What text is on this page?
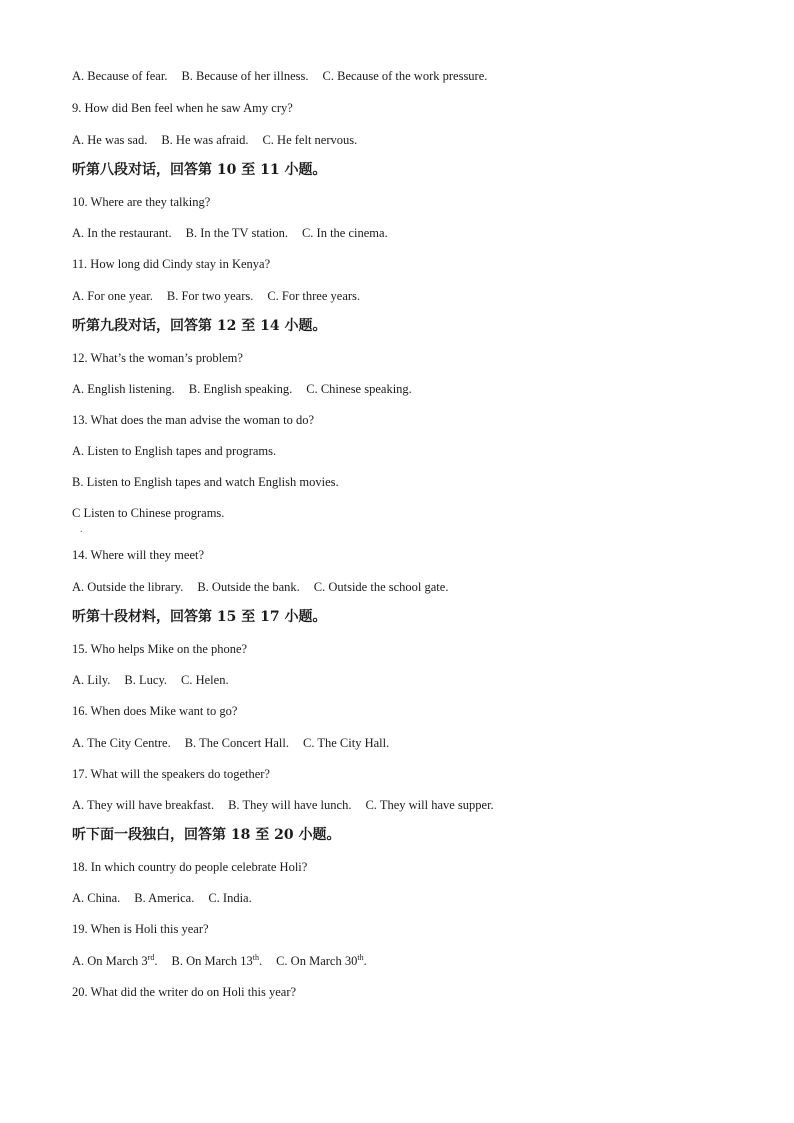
A. Because of fear. B. Because of her illness. C. Because of the work pressure.
9. How did Ben feel when he saw Amy cry?
A. He was sad. B. He was afraid. C. He felt nervous.
听第八段对话，回答第 10 至 11 小题。
10. Where are they talking?
A. In the restaurant. B. In the TV station. C. In the cinema.
11. How long did Cindy stay in Kenya?
A. For one year. B. For two years. C. For three years.
听第九段对话，回答第 12 至 14 小题。
12. What’s the woman’s problem?
A. English listening. B. English speaking. C. Chinese speaking.
13. What does the man advise the woman to do?
A. Listen to English tapes and programs.
B. Listen to English tapes and watch English movies.
C Listen to Chinese programs.
14. Where will they meet?
A. Outside the library. B. Outside the bank. C. Outside the school gate.
听第十段材料，回答第 15 至 17 小题。
15. Who helps Mike on the phone?
A. Lily. B. Lucy. C. Helen.
16. When does Mike want to go?
A. The City Centre. B. The Concert Hall. C. The City Hall.
17. What will the speakers do together?
A. They will have breakfast. B. They will have lunch. C. They will have supper.
听下面一段独白，回答第 18 至 20 小题。
18. In which country do people celebrate Holi?
A. China. B. America. C. India.
19. When is Holi this year?
A. On March 3rd. B. On March 13th. C. On March 30th.
20. What did the writer do on Holi this year?
.
